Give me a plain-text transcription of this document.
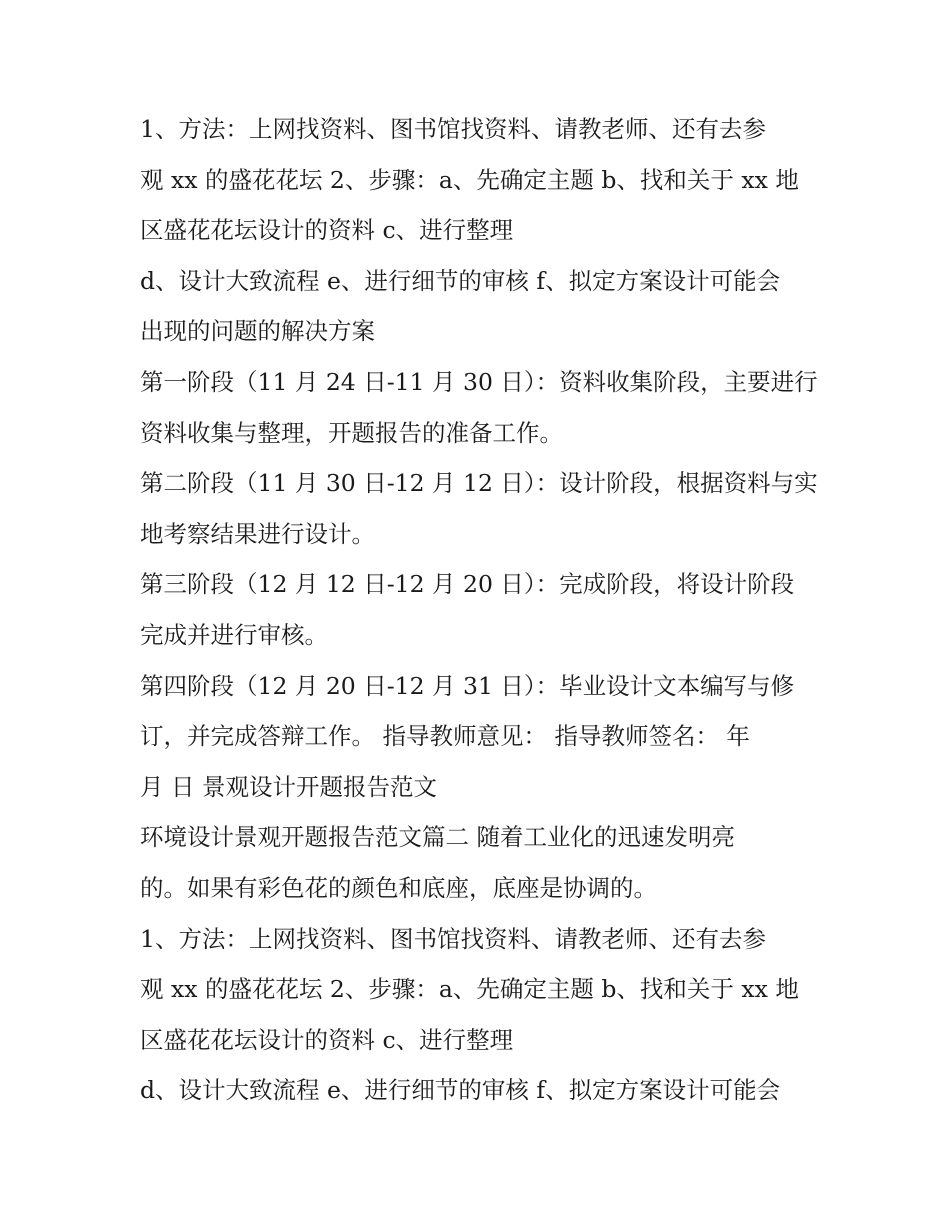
1、方法：上网找资料、图书馆找资料、请教老师、还有去参
观 xx 的盛花花坛 2、步骤：a、先确定主题 b、找和关于 xx 地
区盛花花坛设计的资料 c、进行整理
d、设计大致流程 e、进行细节的审核 f、拟定方案设计可能会
出现的问题的解决方案
第一阶段（11 月 24 日-11 月 30 日）：资料收集阶段，主要进行
资料收集与整理，开题报告的准备工作。
第二阶段（11 月 30 日-12 月 12 日）：设计阶段，根据资料与实
地考察结果进行设计。
第三阶段（12 月 12 日-12 月 20 日）：完成阶段，将设计阶段
完成并进行审核。
第四阶段（12 月 20 日-12 月 31 日）：毕业设计文本编写与修
订，并完成答辩工作。 指导教师意见： 指导教师签名： 年
月 日 景观设计开题报告范文
环境设计景观开题报告范文篇二 随着工业化的迅速发明亮
的。如果有彩色花的颜色和底座，底座是协调的。
1、方法：上网找资料、图书馆找资料、请教老师、还有去参
观 xx 的盛花花坛 2、步骤：a、先确定主题 b、找和关于 xx 地
区盛花花坛设计的资料 c、进行整理
d、设计大致流程 e、进行细节的审核 f、拟定方案设计可能会
